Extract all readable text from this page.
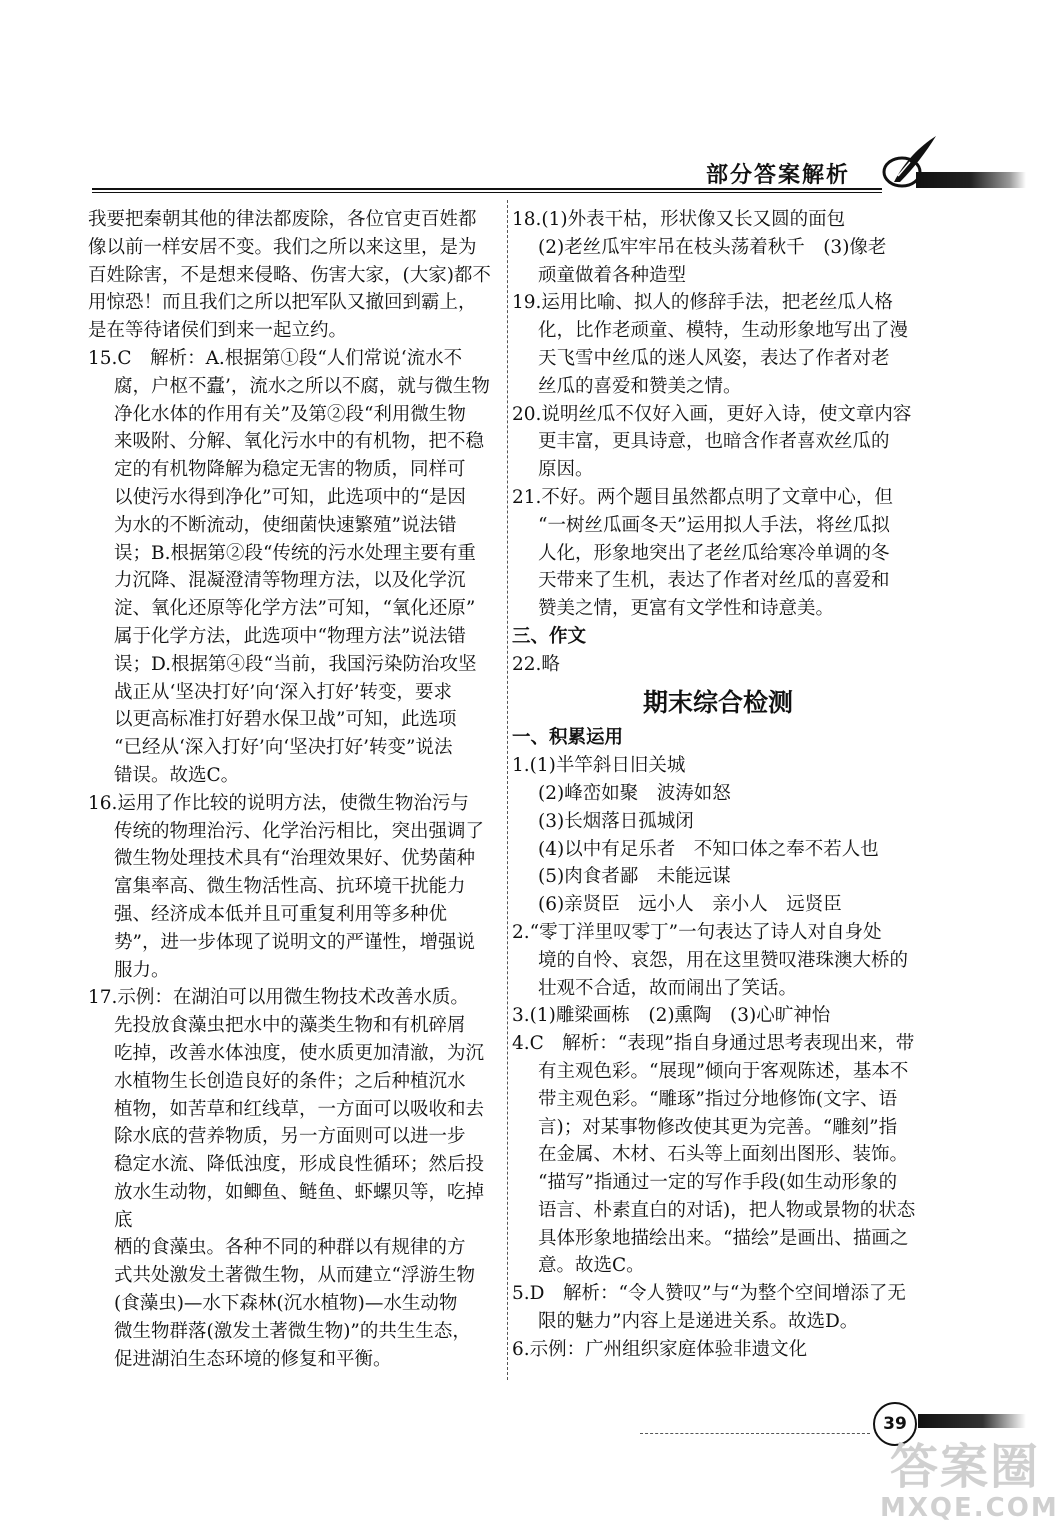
部分答案解析

我要把秦朝其他的律法都废除，各位官吏百姓都

像以前一样安居不变。我们之所以来这里，是为

百姓除害，不是想来侵略、伤害大家，(大家)都不

用惊恐！而且我们之所以把军队又撤回到霸上，

是在等待诸侯们到来一起立约。

15.C　解析：A.根据第①段“人们常说‘流水不

腐，户枢不蠹’，流水之所以不腐，就与微生物

净化水体的作用有关”及第②段“利用微生物

来吸附、分解、氧化污水中的有机物，把不稳

定的有机物降解为稳定无害的物质，同样可

以使污水得到净化”可知，此选项中的“是因

为水的不断流动，使细菌快速繁殖”说法错

误；B.根据第②段“传统的污水处理主要有重

力沉降、混凝澄清等物理方法，以及化学沉

淀、氧化还原等化学方法”可知，“氧化还原”

属于化学方法，此选项中“物理方法”说法错

误；D.根据第④段“当前，我国污染防治攻坚

战正从‘坚决打好’向‘深入打好’转变，要求

以更高标准打好碧水保卫战”可知，此选项

“已经从‘深入打好’向‘坚决打好’转变”说法

错误。故选C。

16.运用了作比较的说明方法，使微生物治污与

传统的物理治污、化学治污相比，突出强调了

微生物处理技术具有“治理效果好、优势菌种

富集率高、微生物活性高、抗环境干扰能力

强、经济成本低并且可重复利用等多种优

势”，进一步体现了说明文的严谨性，增强说

服力。

17.示例：在湖泊可以用微生物技术改善水质。

先投放食藻虫把水中的藻类生物和有机碎屑

吃掉，改善水体浊度，使水质更加清澈，为沉

水植物生长创造良好的条件；之后种植沉水

植物，如苦草和红线草，一方面可以吸收和去

除水底的营养物质，另一方面则可以进一步

稳定水流、降低浊度，形成良性循环；然后投

放水生动物，如鲫鱼、鲢鱼、虾螺贝等，吃掉底

栖的食藻虫。各种不同的种群以有规律的方

式共处激发土著微生物，从而建立“浮游生物

(食藻虫)—水下森林(沉水植物)—水生动物

微生物群落(激发土著微生物)”的共生生态，

促进湖泊生态环境的修复和平衡。

18.(1)外表干枯，形状像又长又圆的面包

(2)老丝瓜牢牢吊在枝头荡着秋千　(3)像老

顽童做着各种造型

19.运用比喻、拟人的修辞手法，把老丝瓜人格

化，比作老顽童、模特，生动形象地写出了漫

天飞雪中丝瓜的迷人风姿，表达了作者对老

丝瓜的喜爱和赞美之情。

20.说明丝瓜不仅好入画，更好入诗，使文章内容

更丰富，更具诗意，也暗含作者喜欢丝瓜的

原因。

21.不好。两个题目虽然都点明了文章中心，但

“一树丝瓜画冬天”运用拟人手法，将丝瓜拟

人化，形象地突出了老丝瓜给寒冷单调的冬

天带来了生机，表达了作者对丝瓜的喜爱和

赞美之情，更富有文学性和诗意美。

三、作文

22.略

期末综合检测

一、积累运用

1.(1)半竿斜日旧关城

(2)峰峦如聚　波涛如怒

(3)长烟落日孤城闭

(4)以中有足乐者　不知口体之奉不若人也

(5)肉食者鄙　未能远谋

(6)亲贤臣　远小人　亲小人　远贤臣

2.“零丁洋里叹零丁”一句表达了诗人对自身处

境的自怜、哀怨，用在这里赞叹港珠澳大桥的

壮观不合适，故而闹出了笑话。

3.(1)雕梁画栋　(2)熏陶　(3)心旷神怡

4.C　解析：“表现”指自身通过思考表现出来，带

有主观色彩。“展现”倾向于客观陈述，基本不

带主观色彩。“雕琢”指过分地修饰(文字、语

言)；对某事物修改使其更为完善。“雕刻”指

在金属、木材、石头等上面刻出图形、装饰。

“描写”指通过一定的写作手段(如生动形象的

语言、朴素直白的对话)，把人物或景物的状态

具体形象地描绘出来。“描绘”是画出、描画之

意。故选C。

5.D　解析：“令人赞叹”与“为整个空间增添了无

限的魅力”内容上是递进关系。故选D。

6.示例：广州组织家庭体验非遗文化

39
答案圈
MXQE.COM
